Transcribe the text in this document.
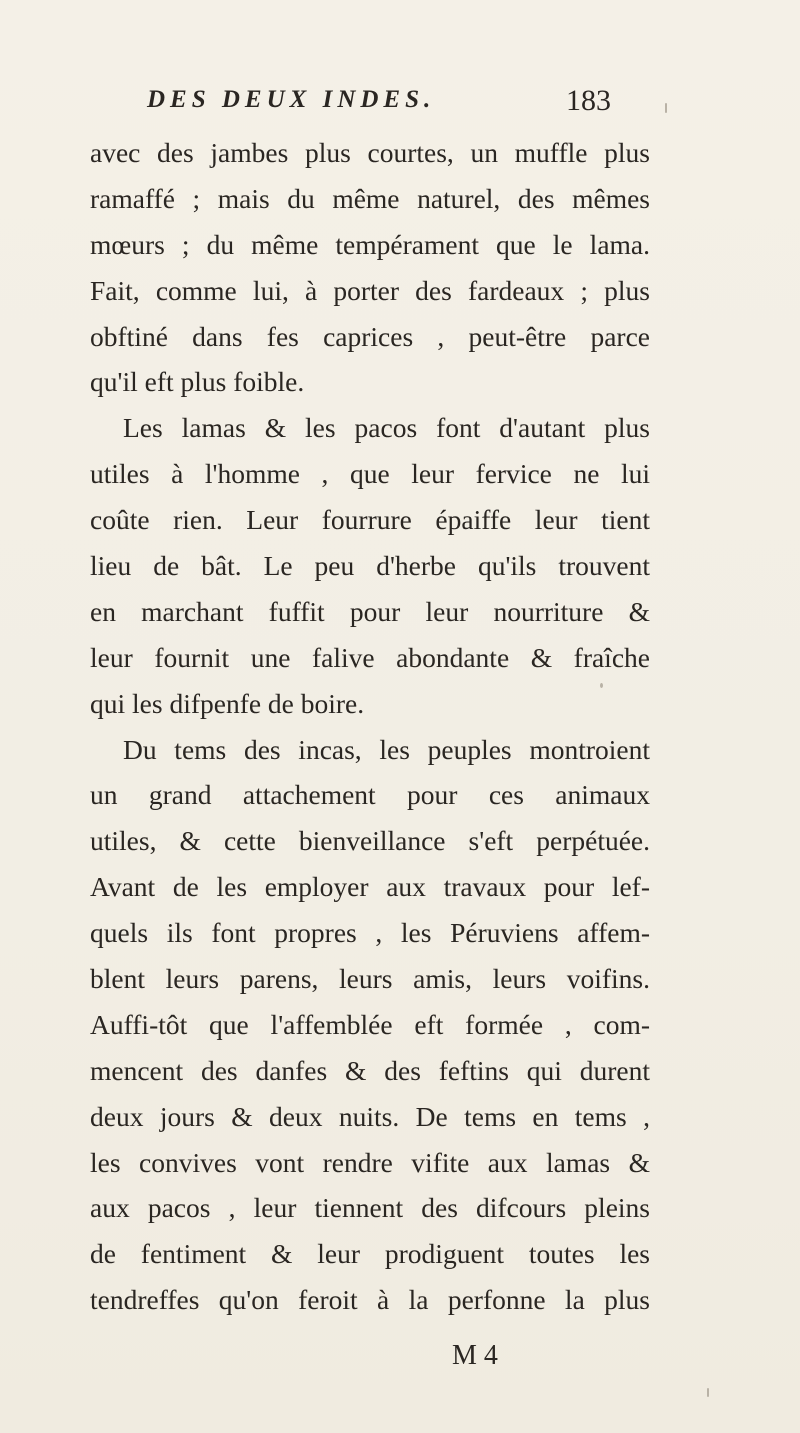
DES DEUX INDES.	183
avec des jambes plus courtes, un muffle plus
ramaffé ; mais du même naturel, des mêmes
mœurs ; du même tempérament que le lama.
Fait, comme lui, à porter des fardeaux ; plus
obftiné dans fes caprices , peut-être parce
qu'il eft plus foible.
Les lamas & les pacos font d'autant plus
utiles à l'homme , que leur fervice ne lui
coûte rien. Leur fourrure épaiffe leur tient
lieu de bât. Le peu d'herbe qu'ils trouvent
en marchant fuffit pour leur nourriture &
leur fournit une falive abondante & fraîche
qui les difpenfe de boire.
Du tems des incas, les peuples montroient
un grand attachement pour ces animaux
utiles, & cette bienveillance s'eft perpétuée.
Avant de les employer aux travaux pour lef-
quels ils font propres , les Péruviens affem-
blent leurs parens, leurs amis, leurs voifins.
Auffi-tôt que l'affemblée eft formée , com-
mencent des danfes & des feftins qui durent
deux jours & deux nuits. De tems en tems ,
les convives vont rendre vifite aux lamas &
aux pacos , leur tiennent des difcours pleins
de fentiment & leur prodiguent toutes les
tendreffes qu'on feroit à la perfonne la plus
M 4
